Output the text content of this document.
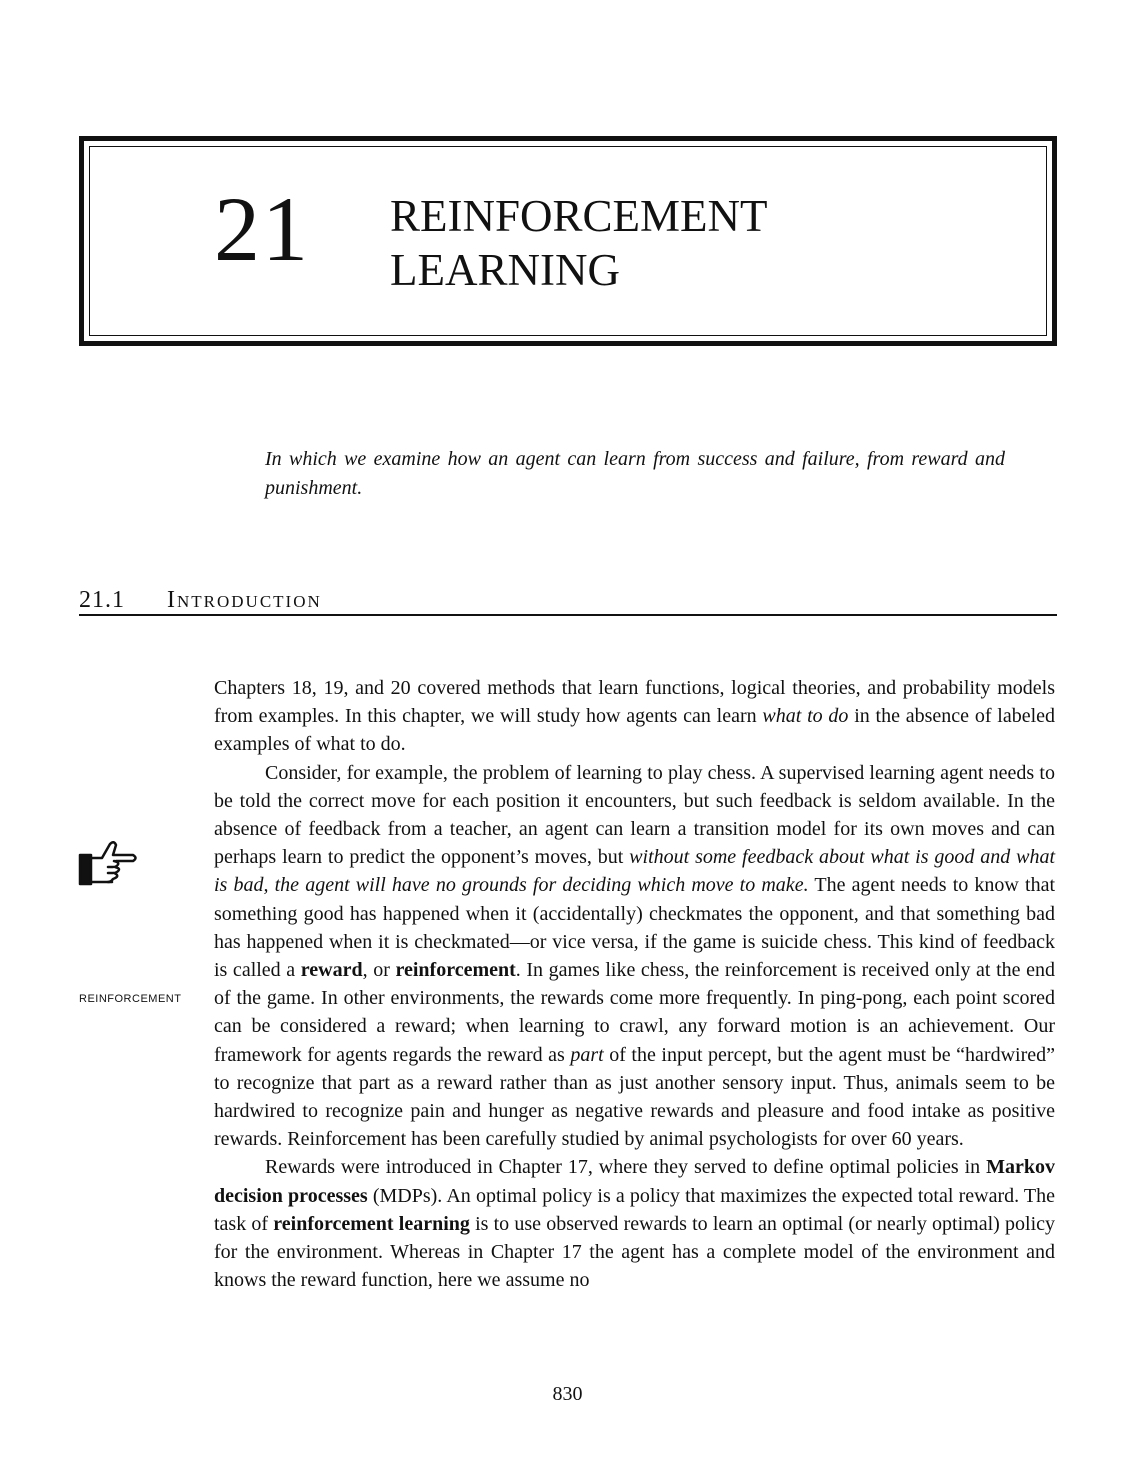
21 REINFORCEMENT
LEARNING
In which we examine how an agent can learn from success and failure, from reward and punishment.
21.1 Introduction
REINFORCEMENT

Chapters 18, 19, and 20 covered methods that learn functions, logical theories, and probability models from examples. In this chapter, we will study how agents can learn what to do in the absence of labeled examples of what to do.

Consider, for example, the problem of learning to play chess. A supervised learning agent needs to be told the correct move for each position it encounters, but such feedback is seldom available. In the absence of feedback from a teacher, an agent can learn a transition model for its own moves and can perhaps learn to predict the opponent’s moves, but without some feedback about what is good and what is bad, the agent will have no grounds for deciding which move to make. The agent needs to know that something good has happened when it (accidentally) checkmates the opponent, and that something bad has happened when it is checkmated—or vice versa, if the game is suicide chess. This kind of feedback is called a reward, or reinforcement. In games like chess, the reinforcement is received only at the end of the game. In other environments, the rewards come more frequently. In ping-pong, each point scored can be considered a reward; when learning to crawl, any forward motion is an achievement. Our framework for agents regards the reward as part of the input percept, but the agent must be “hardwired” to recognize that part as a reward rather than as just another sensory input. Thus, animals seem to be hardwired to recognize pain and hunger as negative rewards and pleasure and food intake as positive rewards. Reinforcement has been carefully studied by animal psychologists for over 60 years.

Rewards were introduced in Chapter 17, where they served to define optimal policies in Markov decision processes (MDPs). An optimal policy is a policy that maximizes the expected total reward. The task of reinforcement learning is to use observed rewards to learn an optimal (or nearly optimal) policy for the environment. Whereas in Chapter 17 the agent has a complete model of the environment and knows the reward function, here we assume no

830
